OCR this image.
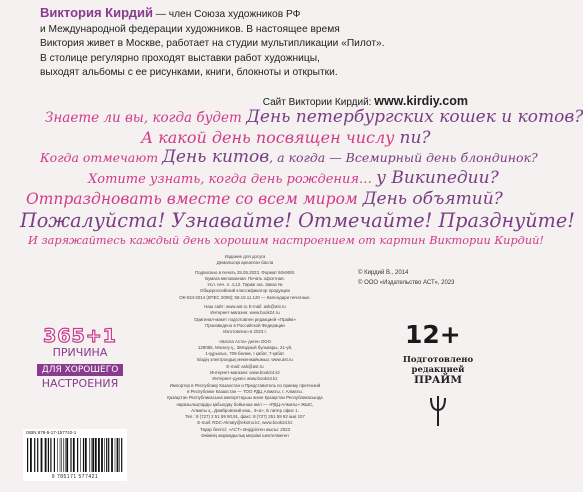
Виктория Кирдий — член Союза художников РФ

и Международной федерации художников. В настоящее время

Виктория живет в Москве, работает на студии мультипликации «Пилот».

В столице регулярно проходят выставки работ художницы,

выходят альбомы с ее рисунками, книги, блокноты и открытки.

Сайт Виктории Кирдий: www.kirdiy.com
Знаете ли вы, когда будет День петербургских кошек и котов?
А какой день посвящен числу пи?
Когда отмечают День китов, а когда — Всемирный день блондинок?
Хотите узнать, когда день рождения… у Википедии?
Отпраздновать вместе со всем миром День объятий?
Пожалуйста! Узнавайте! Отмечайте! Празднуйте!
И заряжайтесь каждый день хорошим настроением от картин Виктории Кирдий!
Издание для досуга
Демалысқа арналған басла

Подписано в печать 25.05.2023. Формат 60x90/8.
Бумага мелованная. Печать офсетная.
Усл. печ. л. 4,13. Тираж экз. Заказ №
Общероссийский классификатор продукции
ОК-034-2014 (КПЕС 2008); 58.19.11.120 — Календари печатные.

Наш сайт: www.ast.ru E-mail: ask@ast.ru
Интернет-магазин: www.book24.ru
Оригинал-макет подготовлен редакцией «Прайм»
Произведено в Российской Федерации
Изготовлено в 2023 г.

«Баспа Аста» деген ООО
129085, Мәскеу қ., Звёздный бульвары, 21-үй,
1-құрылыс, 705-бөлме, I қабат, 7-қабат.
Біздің электрондық мекенжайымыз: www.ast.ru
E-mail: ask@ast.ru
Интернет-магазин: www.book24.kz
Интернет-дүкен: www.book24.kz
Импортер в Республику Казахстан и Представитель по приему претензий
в Республике Казахстан — ТОО РДЦ Алматы, г. Алматы.
Қазақстан Республикасына импорттаушы және Қазақстан Республикасында
наразылықтарды қабылдау бойынша өкіл — «РДЦ-Алматы» ЖШС,
Алматы қ., Домбровский көш., 3«а», Б литер офис 1.
Тел.: 8 (727) 2 51 59 90,91, факс: 8 (727) 251 59 92 ішкі 107
E-mail: RDC-Almaty@eksmo.kz, www.book24.kz
Тауар белгісі: «АСТ» Өндірілген жылы: 2023
Өнімнің жарамдылық мерзімі шектелмеген
© Кирдий В., 2014
© ООО «Издательство АСТ», 2023
365+1
ПРИЧИНА
ДЛЯ ХОРОШЕГО
НАСТРОЕНИЯ
12+
Подготовлено
редакцией
ПРАЙМ
ISBN 978-5-17-157742-1
9 785171 577421
